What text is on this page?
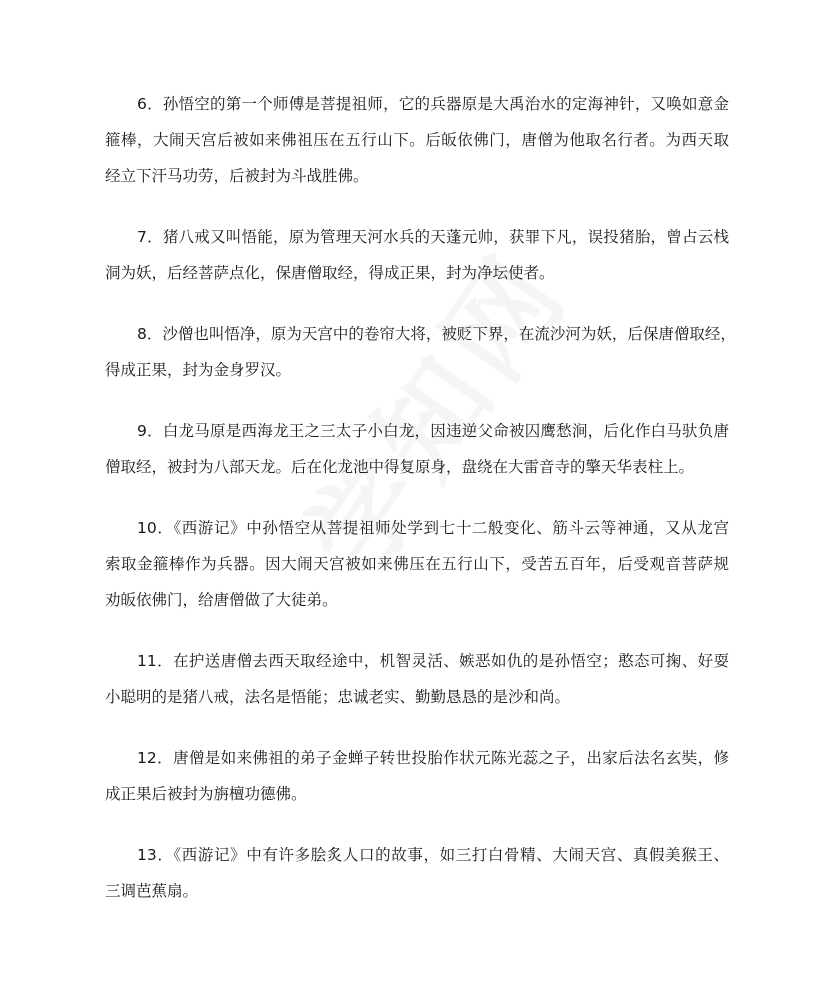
6．孙悟空的第一个师傅是菩提祖师，它的兵器原是大禹治水的定海神针，又唤如意金
箍棒，大闹天宫后被如来佛祖压在五行山下。后皈依佛门，唐僧为他取名行者。为西天取
经立下汗马功劳，后被封为斗战胜佛。
7．猪八戒又叫悟能，原为管理天河水兵的天蓬元帅，获罪下凡，误投猪胎，曾占云栈
洞为妖，后经菩萨点化，保唐僧取经，得成正果，封为净坛使者。
8．沙僧也叫悟净，原为天宫中的卷帘大将，被贬下界，在流沙河为妖，后保唐僧取经，
得成正果，封为金身罗汉。
9．白龙马原是西海龙王之三太子小白龙，因违逆父命被囚鹰愁涧，后化作白马驮负唐
僧取经，被封为八部天龙。后在化龙池中得复原身，盘绕在大雷音寺的擎天华表柱上。
10．《西游记》中孙悟空从菩提祖师处学到七十二般变化、筋斗云等神通，又从龙宫
索取金箍棒作为兵器。因大闹天宫被如来佛压在五行山下，受苦五百年，后受观音菩萨规
劝皈依佛门，给唐僧做了大徒弟。
11．在护送唐僧去西天取经途中，机智灵活、嫉恶如仇的是孙悟空；憨态可掬、好耍
小聪明的是猪八戒，法名是悟能；忠诚老实、勤勤恳恳的是沙和尚。
12．唐僧是如来佛祖的弟子金蝉子转世投胎作状元陈光蕊之子，出家后法名玄奘，修
成正果后被封为旃檀功德佛。
13．《西游记》中有许多脍炙人口的故事，如三打白骨精、大闹天宫、真假美猴王、
三调芭蕉扇。
